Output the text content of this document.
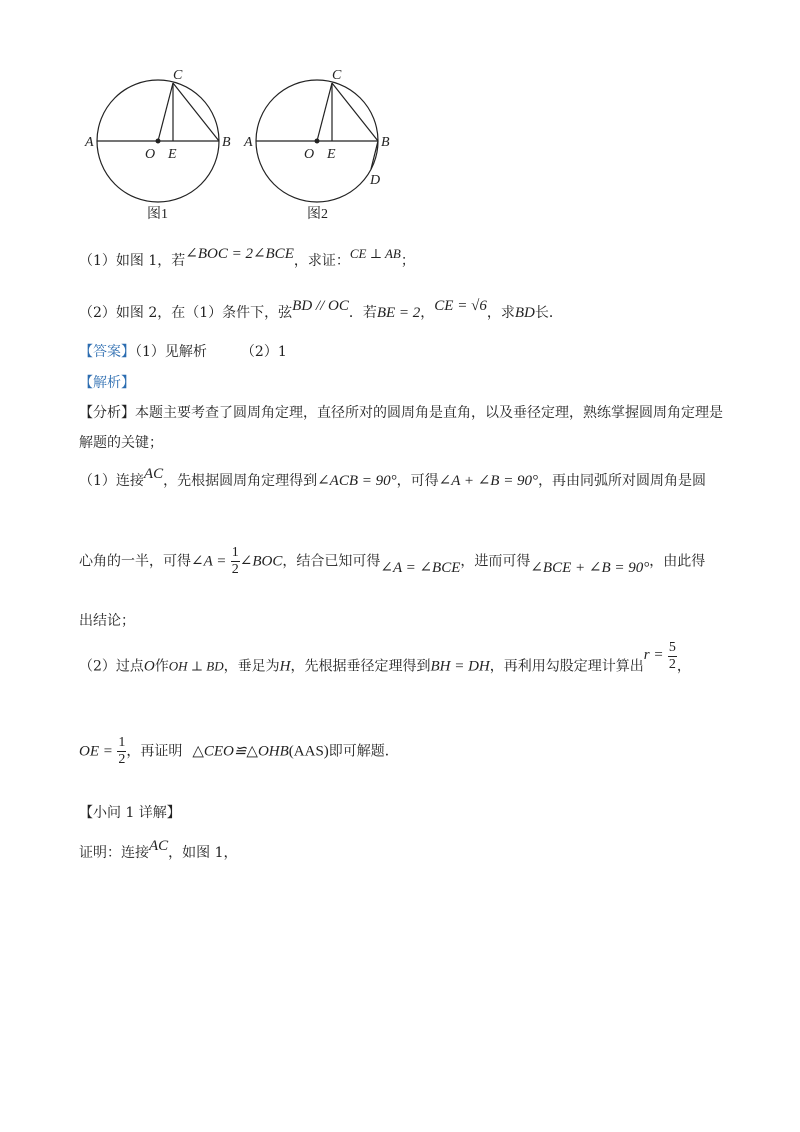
A	B
C
O E
图1
A	B
C
O E
D
图2
（1）如图 1，若∠BOC = 2∠BCE，求证：CE ⊥ AB；
（2）如图 2，在（1）条件下，弦BD // OC．若BE = 2，CE = √6，求BD长．
【答案】（1）见解析 （2）1
【解析】
【分析】本题主要考查了圆周角定理，直径所对的圆周角是直角，以及垂径定理，熟练掌握圆周角定理是
解题的关键；
（1）连接AC，先根据圆周角定理得到∠ACB = 90°，可得∠A + ∠B = 90°，再由同弧所对圆周角是圆
心角的一半，可得∠A = $\frac{1}{2}$ ∠BOC，结合已知可得∠A = ∠BCE，进而可得∠BCE + ∠B = 90°，由此得
出结论；
（2）过点O作OH ⊥ BD，垂足为H，先根据垂径定理得到BH = DH，再利用勾股定理计算出$r = \frac{5}{2}$ ，
OE = $\frac{1}{2}$ ，再证明 △CEO≌△OHB(AAS)即可解题．
【小问 1 详解】
证明：连接AC，如图 1，
